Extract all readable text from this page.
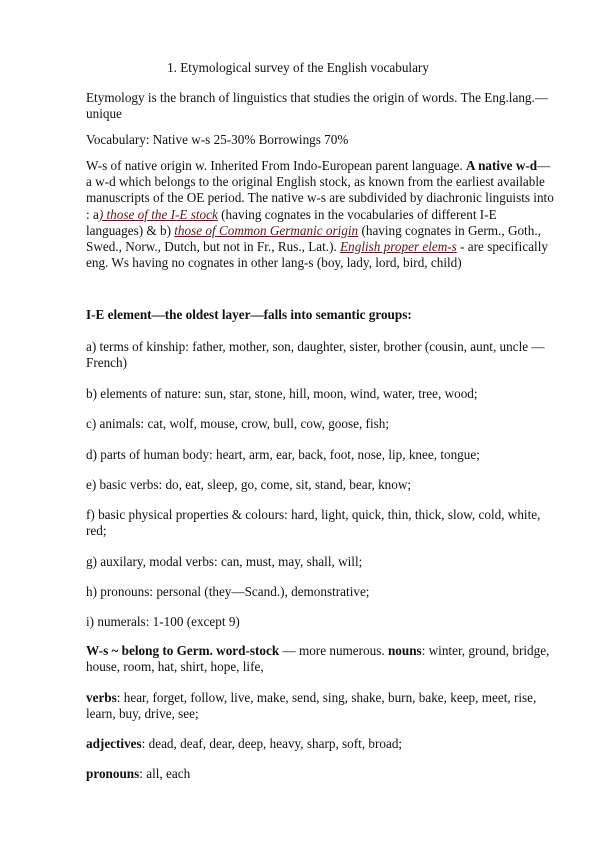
1. Etymological survey of the English vocabulary

Etymology is the branch of linguistics that studies the origin of words. The Eng.lang.—unique

Vocabulary: Native w-s 25-30% Borrowings 70%

W-s of native origin w. Inherited From Indo-European parent language. A native w-d—a w-d which belongs to the original English stock, as known from the earliest available manuscripts of the OE period. The native w-s are subdivided by diachronic linguists into : a) those of the I-E stock (having cognates in the vocabularies of different I-E languages) & b) those of Common Germanic origin (having cognates in Germ., Goth., Swed., Norw., Dutch, but not in Fr., Rus., Lat.). English proper elem-s - are specifically eng. Ws having no cognates in other lang-s (boy, lady, lord, bird, child)

I-E element—the oldest layer—falls into semantic groups:

a) terms of kinship: father, mother, son, daughter, sister, brother (cousin, aunt, uncle — French)

b) elements of nature: sun, star, stone, hill, moon, wind, water, tree, wood;

c) animals: cat, wolf, mouse, crow, bull, cow, goose, fish;

d) parts of human body: heart, arm, ear, back, foot, nose, lip, knee, tongue;

e) basic verbs: do, eat, sleep, go, come, sit, stand, bear, know;

f) basic physical properties & colours: hard, light, quick, thin, thick, slow, cold, white, red;

g) auxilary, modal verbs: can, must, may, shall, will;

h) pronouns: personal (they—Scand.), demonstrative;

i) numerals: 1-100 (except 9)

W-s ~ belong to Germ. word-stock — more numerous. nouns: winter, ground, bridge, house, room, hat, shirt, hope, life,

verbs: hear, forget, follow, live, make, send, sing, shake, burn, bake, keep, meet, rise, learn, buy, drive, see;

adjectives: dead, deaf, dear, deep, heavy, sharp, soft, broad;

pronouns: all, each
